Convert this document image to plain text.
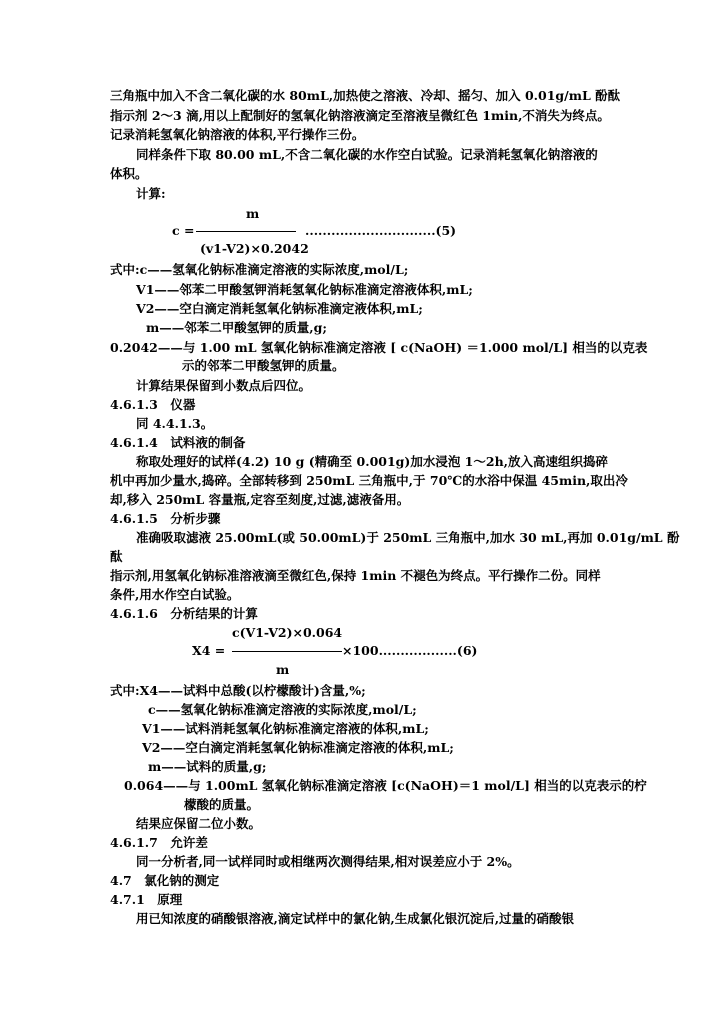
三角瓶中加入不含二氧化碳的水 80mL,加热使之溶液、冷却、摇匀、加入 0.01g/mL 酚酞
指示剂 2～3 滴,用以上配制好的氢氧化钠溶液滴定至溶液呈微红色 1min,不消失为终点。
记录消耗氢氧化钠溶液的体积,平行操作三份。
同样条件下取 80.00 mL,不含二氧化碳的水作空白试验。记录消耗氢氧化钠溶液的
体积。
计算:
m
c =	..............................(5)
(v1-V2)×0.2042
式中:c——氢氧化钠标准滴定溶液的实际浓度,mol/L;
V1——邻苯二甲酸氢钾消耗氢氧化钠标准滴定溶液体积,mL;
V2——空白滴定消耗氢氧化钠标准滴定液体积,mL;
m——邻苯二甲酸氢钾的质量,g;
0.2042——与 1.00 mL 氢氧化钠标准滴定溶液 [ c(NaOH) ＝1.000 mol/L] 相当的以克表
示的邻苯二甲酸氢钾的质量。
计算结果保留到小数点后四位。
4.6.1.3　仪器
同 4.4.1.3。
4.6.1.4　试料液的制备
称取处理好的试样(4.2) 10 g (精确至 0.001g)加水浸泡 1～2h,放入高速组织捣碎
机中再加少量水,捣碎。全部转移到 250mL 三角瓶中,于 70℃的水浴中保温 45min,取出冷
却,移入 250mL 容量瓶,定容至刻度,过滤,滤液备用。
4.6.1.5　分析步骤
准确吸取滤液 25.00mL(或 50.00mL)于 250mL 三角瓶中,加水 30 mL,再加 0.01g/mL 酚
酞
指示剂,用氢氧化钠标准溶液滴至微红色,保持 1min 不褪色为终点。平行操作二份。同样
条件,用水作空白试验。
4.6.1.6　分析结果的计算
c(V1-V2)×0.064
X4 =	×100..................(6)
m
式中:X4——试料中总酸(以柠檬酸计)含量,%;
c——氢氧化钠标准滴定溶液的实际浓度,mol/L;
V1——试料消耗氢氧化钠标准滴定溶液的体积,mL;
V2——空白滴定消耗氢氧化钠标准滴定溶液的体积,mL;
m——试料的质量,g;
0.064——与 1.00mL 氢氧化钠标准滴定溶液 [c(NaOH)＝1 mol/L] 相当的以克表示的柠
檬酸的质量。
结果应保留二位小数。
4.6.1.7　允许差
同一分析者,同一试样同时或相继两次测得结果,相对误差应小于 2%。
4.7　氯化钠的测定
4.7.1　原理
用已知浓度的硝酸银溶液,滴定试样中的氯化钠,生成氯化银沉淀后,过量的硝酸银
